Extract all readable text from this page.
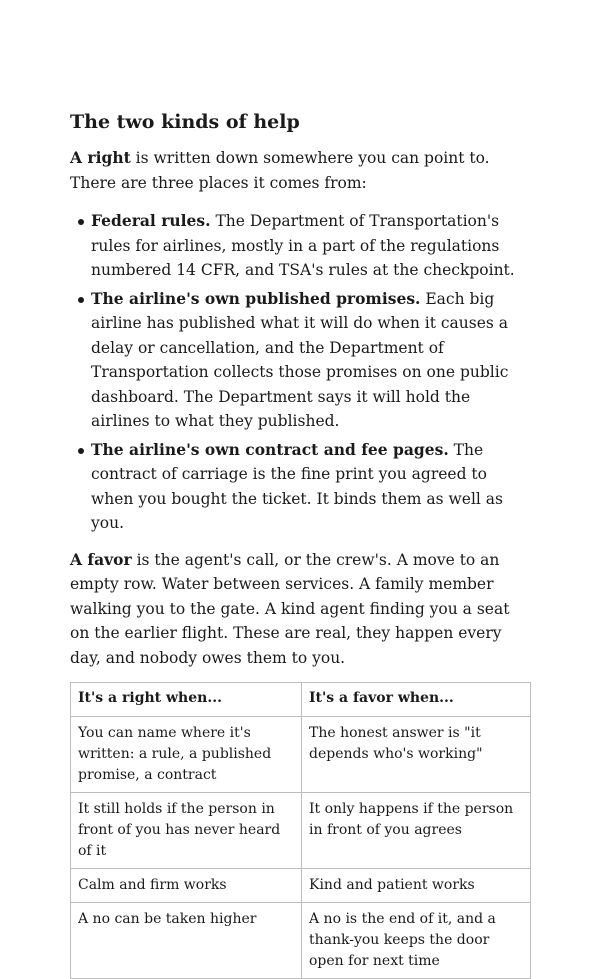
The two kinds of help

A right is written down somewhere you can point to. There are three places it comes from:

Federal rules. The Department of Transportation's rules for airlines, mostly in a part of the regulations numbered 14 CFR, and TSA's rules at the checkpoint.
The airline's own published promises. Each big airline has published what it will do when it causes a delay or cancellation, and the Department of Transportation collects those promises on one public dashboard. The Department says it will hold the airlines to what they published.
The airline's own contract and fee pages. The contract of carriage is the fine print you agreed to when you bought the ticket. It binds them as well as you.

A favor is the agent's call, or the crew's. A move to an empty row. Water between services. A family member walking you to the gate. A kind agent finding you a seat on the earlier flight. These are real, they happen every day, and nobody owes them to you.

It's a right when...	It's a favor when...
You can name where it's written: a rule, a published promise, a contract	The honest answer is "it depends who's working"
It still holds if the person in front of you has never heard of it	It only happens if the person in front of you agrees
Calm and firm works	Kind and patient works
A no can be taken higher	A no is the end of it, and a thank-you keeps the door open for next time
